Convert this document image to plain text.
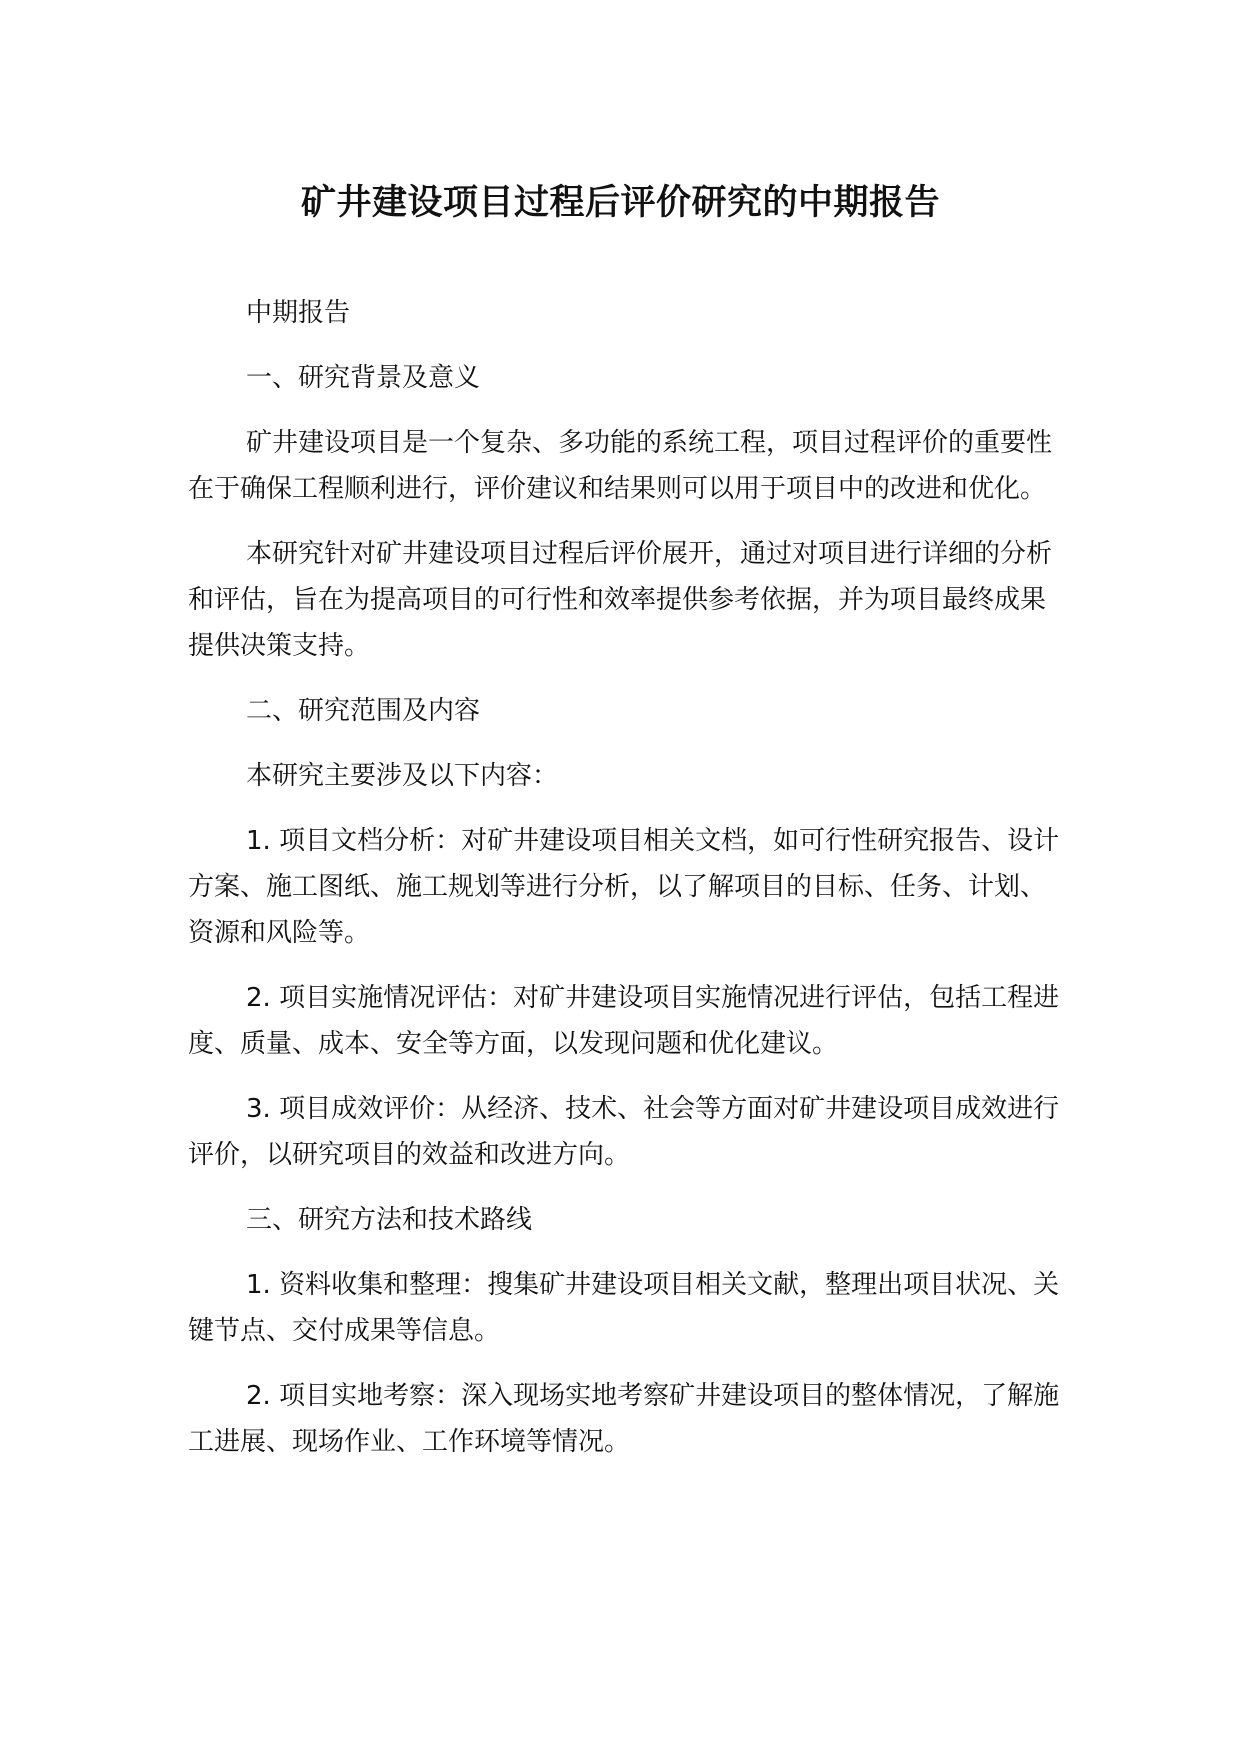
矿井建设项目过程后评价研究的中期报告

中期报告

一、研究背景及意义

矿井建设项目是一个复杂、多功能的系统工程，项目过程评价的重要性在于确保工程顺利进行，评价建议和结果则可以用于项目中的改进和优化。

本研究针对矿井建设项目过程后评价展开，通过对项目进行详细的分析和评估，旨在为提高项目的可行性和效率提供参考依据，并为项目最终成果提供决策支持。

二、研究范围及内容

本研究主要涉及以下内容：

1. 项目文档分析：对矿井建设项目相关文档，如可行性研究报告、设计方案、施工图纸、施工规划等进行分析，以了解项目的目标、任务、计划、资源和风险等。

2. 项目实施情况评估：对矿井建设项目实施情况进行评估，包括工程进度、质量、成本、安全等方面，以发现问题和优化建议。

3. 项目成效评价：从经济、技术、社会等方面对矿井建设项目成效进行评价，以研究项目的效益和改进方向。

三、研究方法和技术路线

1. 资料收集和整理：搜集矿井建设项目相关文献，整理出项目状况、关键节点、交付成果等信息。

2. 项目实地考察：深入现场实地考察矿井建设项目的整体情况，了解施工进展、现场作业、工作环境等情况。
